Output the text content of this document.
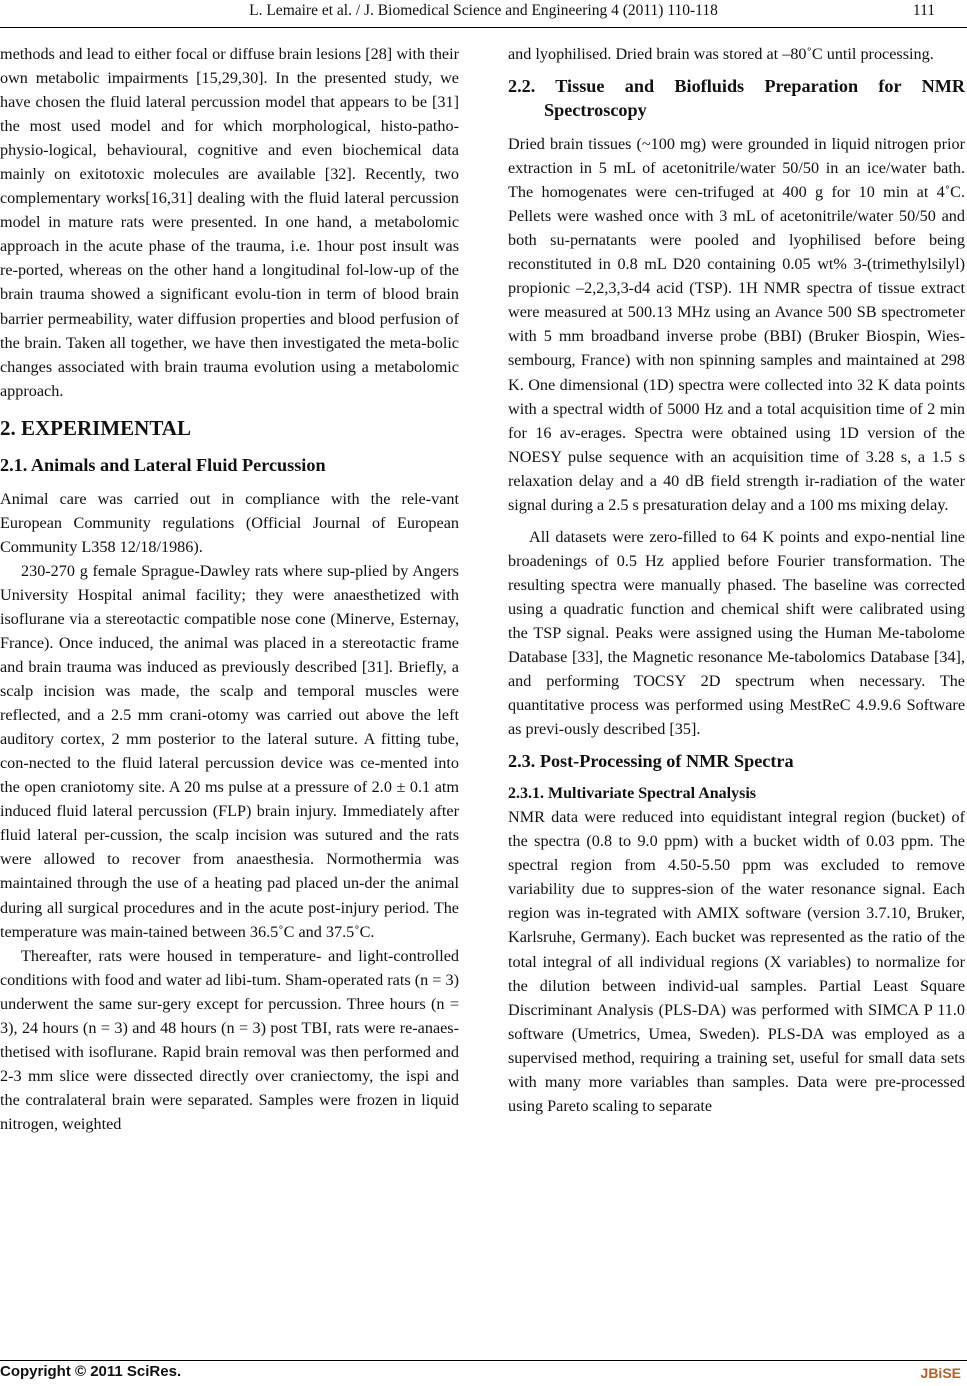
L. Lemaire et al. / J. Biomedical Science and Engineering 4 (2011) 110-118	111

methods and lead to either focal or diffuse brain lesions [28] with their own metabolic impairments [15,29,30]. In the presented study, we have chosen the fluid lateral percussion model that appears to be [31] the most used model and for which morphological, histo-patho-physio-logical, behavioural, cognitive and even biochemical data mainly on exitotoxic molecules are available [32]. Recently, two complementary works[16,31] dealing with the fluid lateral percussion model in mature rats were presented. In one hand, a metabolomic approach in the acute phase of the trauma, i.e. 1hour post insult was re-ported, whereas on the other hand a longitudinal fol-low-up of the brain trauma showed a significant evolu-tion in term of blood brain barrier permeability, water diffusion properties and blood perfusion of the brain. Taken all together, we have then investigated the meta-bolic changes associated with brain trauma evolution using a metabolomic approach.

2. EXPERIMENTAL
2.1. Animals and Lateral Fluid Percussion

Animal care was carried out in compliance with the rele-vant European Community regulations (Official Journal of European Community L358 12/18/1986).

230-270 g female Sprague-Dawley rats where sup-plied by Angers University Hospital animal facility; they were anaesthetized with isoflurane via a stereotactic compatible nose cone (Minerve, Esternay, France). Once induced, the animal was placed in a stereotactic frame and brain trauma was induced as previously described [31]. Briefly, a scalp incision was made, the scalp and temporal muscles were reflected, and a 2.5 mm crani-otomy was carried out above the left auditory cortex, 2 mm posterior to the lateral suture. A fitting tube, con-nected to the fluid lateral percussion device was ce-mented into the open craniotomy site. A 20 ms pulse at a pressure of 2.0 ± 0.1 atm induced fluid lateral percussion (FLP) brain injury. Immediately after fluid lateral per-cussion, the scalp incision was sutured and the rats were allowed to recover from anaesthesia. Normothermia was maintained through the use of a heating pad placed un-der the animal during all surgical procedures and in the acute post-injury period. The temperature was main-tained between 36.5˚C and 37.5˚C.

Thereafter, rats were housed in temperature- and light-controlled conditions with food and water ad libi-tum. Sham-operated rats (n = 3) underwent the same sur-gery except for percussion. Three hours (n = 3), 24 hours (n = 3) and 48 hours (n = 3) post TBI, rats were re-anaes-thetised with isoflurane. Rapid brain removal was then performed and 2-3 mm slice were dissected directly over craniectomy, the ispi and the contralateral brain were separated. Samples were frozen in liquid nitrogen, weighted

and lyophilised. Dried brain was stored at –80˚C until processing.

2.2. Tissue and Biofluids Preparation for NMR Spectroscopy

Dried brain tissues (~100 mg) were grounded in liquid nitrogen prior extraction in 5 mL of acetonitrile/water 50/50 in an ice/water bath. The homogenates were cen-trifuged at 400 g for 10 min at 4˚C. Pellets were washed once with 3 mL of acetonitrile/water 50/50 and both su-pernatants were pooled and lyophilised before being reconstituted in 0.8 mL D20 containing 0.05 wt% 3-(trimethylsilyl) propionic –2,2,3,3-d4 acid (TSP). 1H NMR spectra of tissue extract were measured at 500.13 MHz using an Avance 500 SB spectrometer with 5 mm broadband inverse probe (BBI) (Bruker Biospin, Wies-sembourg, France) with non spinning samples and maintained at 298 K. One dimensional (1D) spectra were collected into 32 K data points with a spectral width of 5000 Hz and a total acquisition time of 2 min for 16 av-erages. Spectra were obtained using 1D version of the NOESY pulse sequence with an acquisition time of 3.28 s, a 1.5 s relaxation delay and a 40 dB field strength ir-radiation of the water signal during a 2.5 s presaturation delay and a 100 ms mixing delay.

All datasets were zero-filled to 64 K points and expo-nential line broadenings of 0.5 Hz applied before Fourier transformation. The resulting spectra were manually phased. The baseline was corrected using a quadratic function and chemical shift were calibrated using the TSP signal. Peaks were assigned using the Human Me-tabolome Database [33], the Magnetic resonance Me-tabolomics Database [34], and performing TOCSY 2D spectrum when necessary. The quantitative process was performed using MestReC 4.9.9.6 Software as previ-ously described [35].

2.3. Post-Processing of NMR Spectra
2.3.1. Multivariate Spectral Analysis

NMR data were reduced into equidistant integral region (bucket) of the spectra (0.8 to 9.0 ppm) with a bucket width of 0.03 ppm. The spectral region from 4.50-5.50 ppm was excluded to remove variability due to suppres-sion of the water resonance signal. Each region was in-tegrated with AMIX software (version 3.7.10, Bruker, Karlsruhe, Germany). Each bucket was represented as the ratio of the total integral of all individual regions (X variables) to normalize for the dilution between individ-ual samples. Partial Least Square Discriminant Analysis (PLS-DA) was performed with SIMCA P 11.0 software (Umetrics, Umea, Sweden). PLS-DA was employed as a supervised method, requiring a training set, useful for small data sets with many more variables than samples. Data were pre-processed using Pareto scaling to separate

Copyright © 2011 SciRes.	JBiSE
